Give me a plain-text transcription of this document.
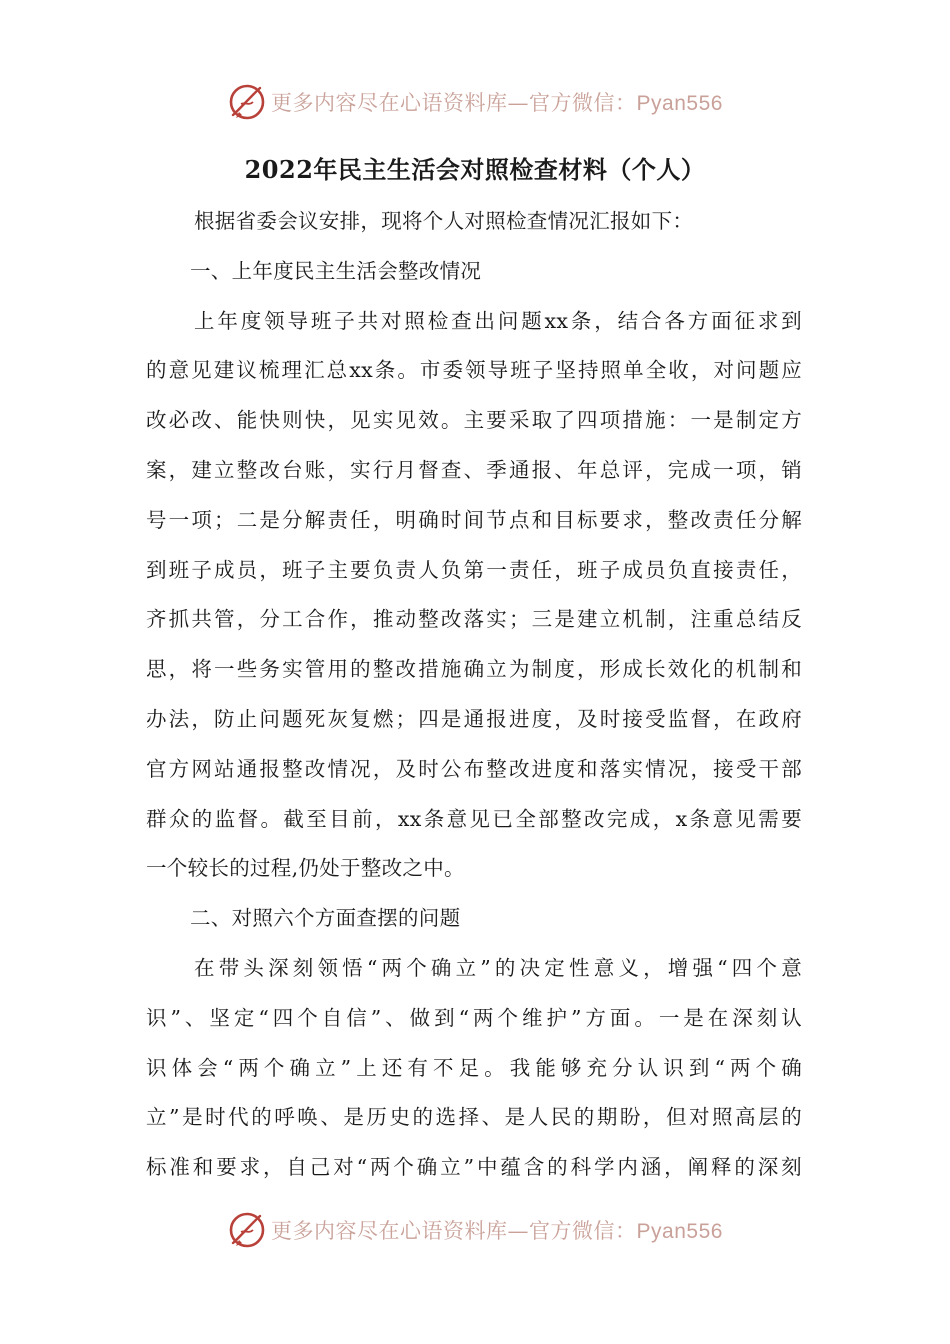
更多内容尽在心语资料库—官方微信：Pyan556
2022年民主生活会对照检查材料（个人）
根据省委会议安排，现将个人对照检查情况汇报如下：
一、上年度民主生活会整改情况
上年度领导班子共对照检查出问题xx条，结合各方面征求到
的意见建议梳理汇总xx条。市委领导班子坚持照单全收，对问题应
改必改、能快则快，见实见效。主要采取了四项措施：一是制定方
案，建立整改台账，实行月督查、季通报、年总评，完成一项，销
号一项；二是分解责任，明确时间节点和目标要求，整改责任分解
到班子成员，班子主要负责人负第一责任，班子成员负直接责任，
齐抓共管，分工合作，推动整改落实；三是建立机制，注重总结反
思，将一些务实管用的整改措施确立为制度，形成长效化的机制和
办法，防止问题死灰复燃；四是通报进度，及时接受监督，在政府
官方网站通报整改情况，及时公布整改进度和落实情况，接受干部
群众的监督。截至目前，xx条意见已全部整改完成，x条意见需要
一个较长的过程,仍处于整改之中。
二、对照六个方面查摆的问题
在带头深刻领悟“两个确立”的决定性意义，增强“四个意
识”、坚定“四个自信”、做到“两个维护”方面。一是在深刻认
识体会“两个确立”上还有不足。我能够充分认识到“两个确
立”是时代的呼唤、是历史的选择、是人民的期盼，但对照高层的
标准和要求，自己对“两个确立”中蕴含的科学内涵，阐释的深刻
更多内容尽在心语资料库—官方微信：Pyan556
